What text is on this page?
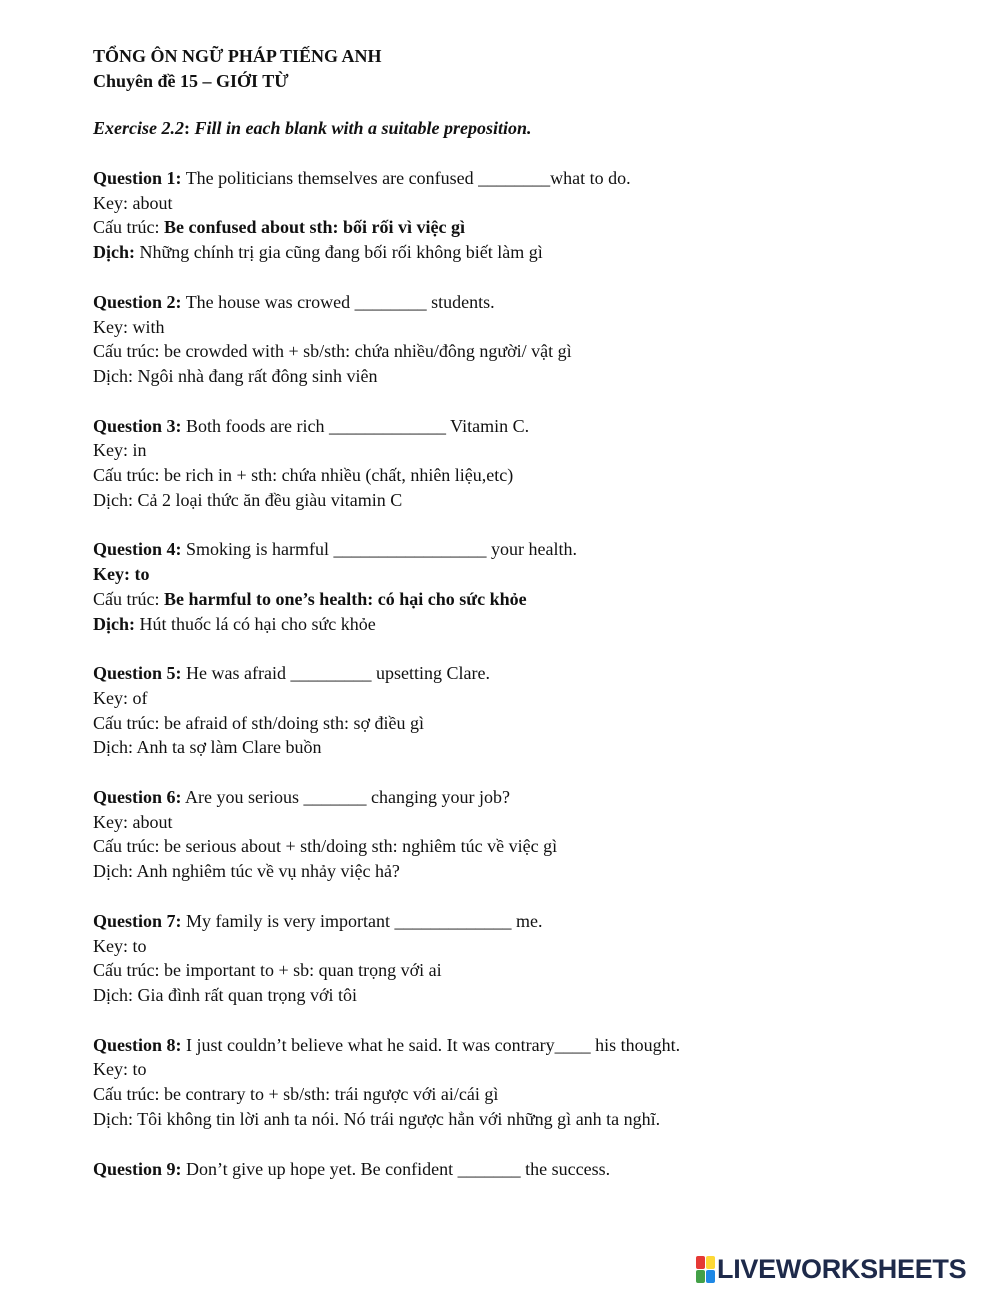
TỔNG ÔN NGỮ PHÁP TIẾNG ANH

Chuyên đề 15 – GIỚI TỪ

Exercise 2.2: Fill in each blank with a suitable preposition.
Question 1: The politicians themselves are confused ________what to do.
Key: about
Cấu trúc: Be confused about sth: bối rối vì việc gì
Dịch: Những chính trị gia cũng đang bối rối không biết làm gì
Question 2: The house was crowed ________ students.
Key: with
Cấu trúc: be crowded with + sb/sth: chứa nhiều/đông người/ vật gì
Dịch: Ngôi nhà đang rất đông sinh viên
Question 3: Both foods are rich _____________ Vitamin C.
Key: in
Cấu trúc: be rich in + sth: chứa nhiều (chất, nhiên liệu,etc)
Dịch: Cả 2 loại thức ăn đều giàu vitamin C
Question 4: Smoking is harmful _________________ your health.
Key: to
Cấu trúc: Be harmful to one’s health: có hại cho sức khỏe
Dịch: Hút thuốc lá có hại cho sức khỏe
Question 5: He was afraid _________ upsetting Clare.
Key: of
Cấu trúc: be afraid of sth/doing sth: sợ điều gì
Dịch: Anh ta sợ làm Clare buồn
Question 6: Are you serious _______ changing your job?
Key: about
Cấu trúc: be serious about + sth/doing sth: nghiêm túc về việc gì
Dịch: Anh nghiêm túc về vụ nhảy việc hả?
Question 7: My family is very important _____________ me.
Key: to
Cấu trúc: be important to + sb: quan trọng với ai
Dịch: Gia đình rất quan trọng với tôi
Question 8: I just couldn’t believe what he said. It was contrary____ his thought.
Key: to
Cấu trúc: be contrary to + sb/sth: trái ngược với ai/cái gì
Dịch: Tôi không tin lời anh ta nói. Nó trái ngược hẳn với những gì anh ta nghĩ.
Question 9: Don’t give up hope yet. Be confident _______ the success.
LIVEWORKSHEETS
